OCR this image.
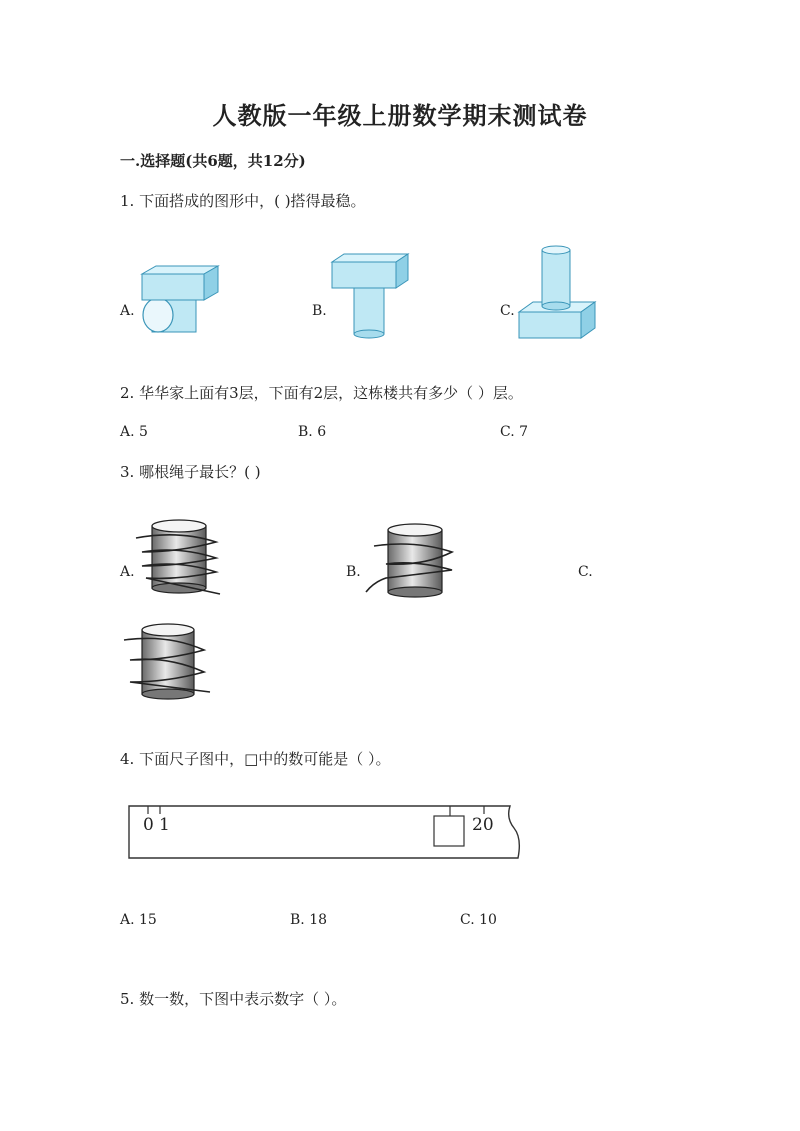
人教版一年级上册数学期末测试卷
一.选择题(共6题，共12分)
1. 下面搭成的图形中，( )搭得最稳。
A.	B.	C.
2. 华华家上面有3层，下面有2层，这栋楼共有多少（ ）层。
A. 5	B. 6	C. 7
3. 哪根绳子最长？( )
A.	B.	C.
4. 下面尺子图中，□中的数可能是（ ）。
0 1	20
A. 15	B. 18	C. 10
5. 数一数，下图中表示数字（ ）。
